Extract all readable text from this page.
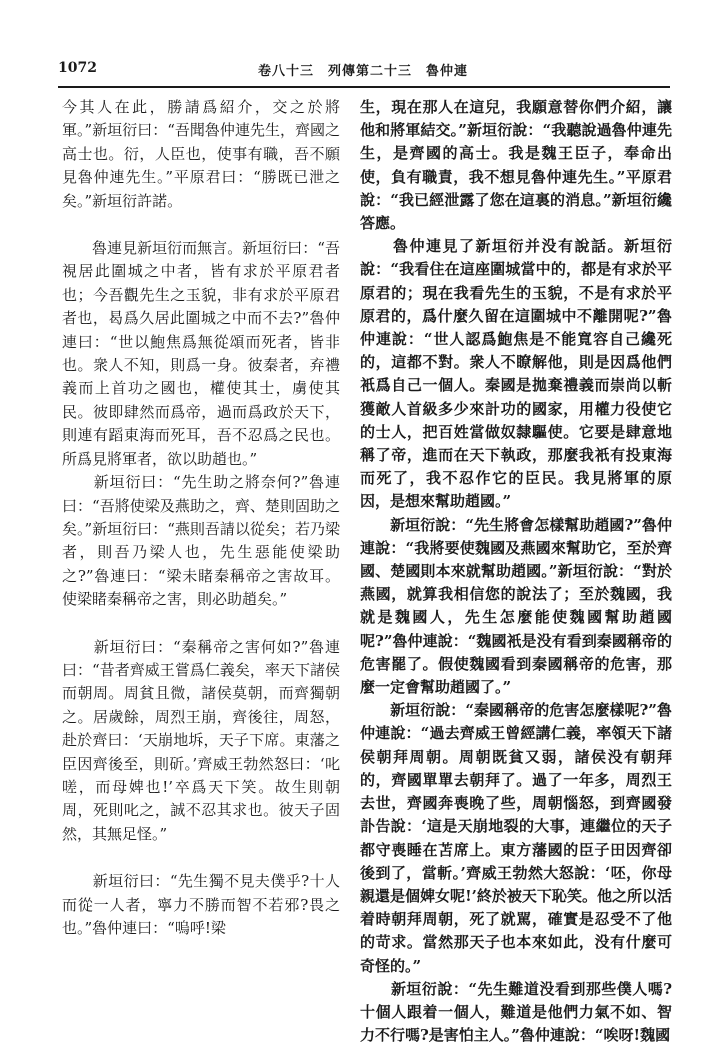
1072	卷八十三　列傳第二十三　魯仲連

今其人在此，勝請爲紹介，交之於將軍。”新垣衍曰：“吾聞魯仲連先生，齊國之高士也。衍，人臣也，使事有職，吾不願見魯仲連先生。”平原君曰：“勝既已泄之矣。”新垣衍許諾。

　　魯連見新垣衍而無言。新垣衍曰：“吾視居此圍城之中者，皆有求於平原君者也；今吾觀先生之玉貌，非有求於平原君者也，曷爲久居此圍城之中而不去?”魯仲連曰：“世以鮑焦爲無從頌而死者，皆非也。衆人不知，則爲一身。彼秦者，弃禮義而上首功之國也，權使其士，虜使其民。彼即肆然而爲帝，過而爲政於天下，則連有蹈東海而死耳，吾不忍爲之民也。所爲見將軍者，欲以助趙也。”

　　新垣衍曰：“先生助之將奈何?”魯連曰：“吾將使梁及燕助之，齊、楚則固助之矣。”新垣衍曰：“燕則吾請以從矣；若乃梁者，則吾乃梁人也，先生惡能使梁助之?”魯連曰：“梁未睹秦稱帝之害故耳。使梁睹秦稱帝之害，則必助趙矣。”

　　新垣衍曰：“秦稱帝之害何如?”魯連曰：“昔者齊威王嘗爲仁義矣，率天下諸侯而朝周。周貧且微，諸侯莫朝，而齊獨朝之。居歲餘，周烈王崩，齊後往，周怒，赴於齊曰：‘天崩地坼，天子下席。東藩之臣因齊後至，則斫。’齊威王勃然怒曰：‘叱嗟，而母婢也!’卒爲天下笑。故生則朝周，死則叱之，誠不忍其求也。彼天子固然，其無足怪。”

　　新垣衍曰：“先生獨不見夫僕乎?十人而從一人者，寧力不勝而智不若邪?畏之也。”魯仲連曰：“嗚呼!梁

生，現在那人在這兒，我願意替你們介紹，讓他和將軍結交。”新垣衍說：“我聽說過魯仲連先生，是齊國的高士。我是魏王臣子，奉命出使，負有職責，我不想見魯仲連先生。”平原君說：“我已經泄露了您在這裏的消息。”新垣衍纔答應。

　　魯仲連見了新垣衍并没有說話。新垣衍說：“我看住在這座圍城當中的，都是有求於平原君的；現在我看先生的玉貌，不是有求於平原君的，爲什麼久留在這圍城中不離開呢?”魯仲連說：“世人認爲鮑焦是不能寬容自己纔死的，這都不對。衆人不瞭解他，則是因爲他們衹爲自己一個人。秦國是拋棄禮義而崇尚以斬獲敵人首級多少來計功的國家，用權力役使它的士人，把百姓當做奴隸驅使。它要是肆意地稱了帝，進而在天下執政，那麼我衹有投東海而死了，我不忍作它的臣民。我見將軍的原因，是想來幫助趙國。”

　　新垣衍說：“先生將會怎樣幫助趙國?”魯仲連說：“我將要使魏國及燕國來幫助它，至於齊國、楚國則本來就幫助趙國。”新垣衍說：“對於燕國，就算我相信您的說法了；至於魏國，我就是魏國人，先生怎麼能使魏國幫助趙國呢?”魯仲連說：“魏國衹是没有看到秦國稱帝的危害罷了。假使魏國看到秦國稱帝的危害，那麼一定會幫助趙國了。”

　　新垣衍說：“秦國稱帝的危害怎麼樣呢?”魯仲連說：“過去齊威王曾經講仁義，率領天下諸侯朝拜周朝。周朝既貧又弱，諸侯没有朝拜的，齊國單單去朝拜了。過了一年多，周烈王去世，齊國奔喪晚了些，周朝惱怒，到齊國發訃告說：‘這是天崩地裂的大事，連繼位的天子都守喪睡在苫席上。東方藩國的臣子田因齊卻後到了，當斬。’齊威王勃然大怒說：‘呸，你母親還是個婢女呢!’終於被天下恥笑。他之所以活着時朝拜周朝，死了就駡，確實是忍受不了他的苛求。當然那天子也本來如此，没有什麼可奇怪的。”

　　新垣衍說：“先生難道没看到那些僕人嗎?十個人跟着一個人，難道是他們力氣不如、智力不行嗎?是害怕主人。”魯仲連說：“唉呀!魏國
